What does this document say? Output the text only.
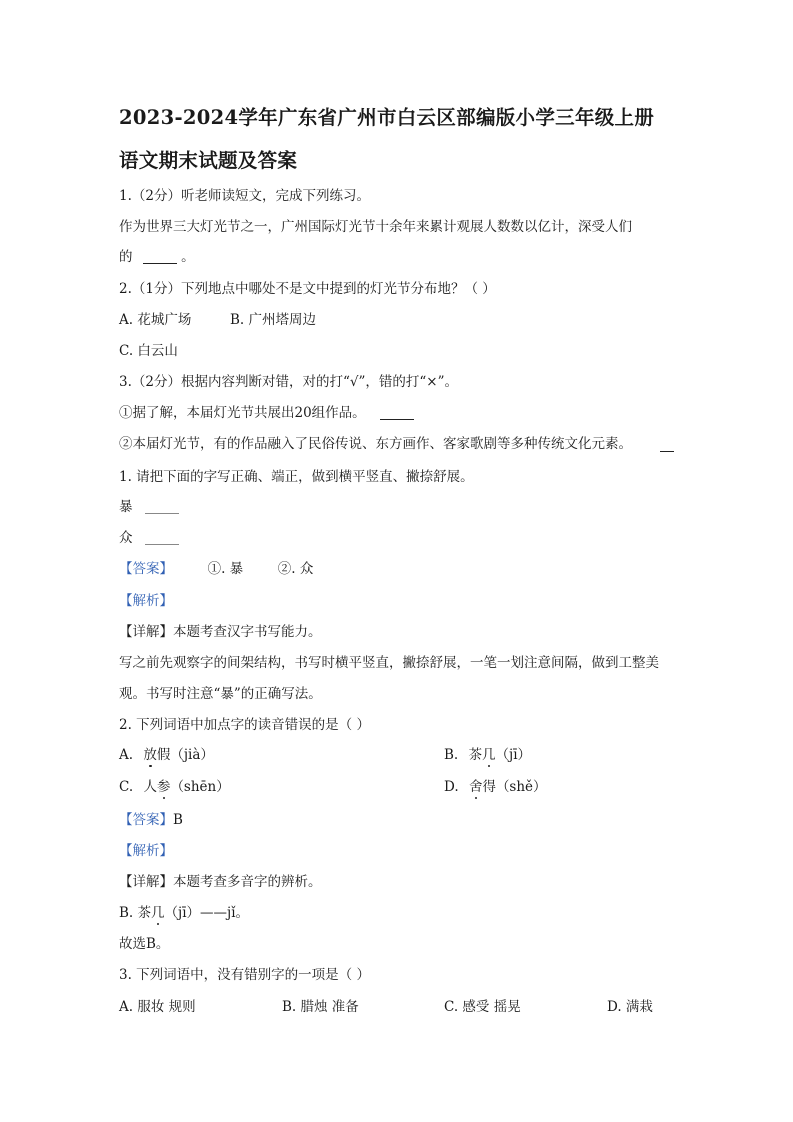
2023-2024学年广东省广州市白云区部编版小学三年级上册
语文期末试题及答案
1.（2分）听老师读短文，完成下列练习。
作为世界三大灯光节之一，广州国际灯光节十余年来累计观展人数数以亿计，深受人们
的	。
2.（1分）下列地点中哪处不是文中提到的灯光节分布地？（ ）
A. 花城广场	B. 广州塔周边
C. 白云山
3.（2分）根据内容判断对错，对的打“√”，错的打“×”。
①据了解，本届灯光节共展出20组作品。
②本届灯光节，有的作品融入了民俗传说、东方画作、客家歌剧等多种传统文化元素。
1. 请把下面的字写正确、端正，做到横平竖直、撇捺舒展。
暴
众
【答案】	①. 暴	②. 众
【解析】
【详解】本题考查汉字书写能力。
写之前先观察字的间架结构，书写时横平竖直，撇捺舒展，一笔一划注意间隔，做到工整美
观。书写时注意“暴”的正确写法。
2. 下列词语中加点字的读音错误的是（ ）
A. 放假（jià）	B. 茶几（jī）
C. 人参（shēn）	D. 舍得（shě）
【答案】B
【解析】
【详解】本题考查多音字的辨析。
B. 茶几（jī）——jǐ。
故选B。
3. 下列词语中，没有错别字的一项是（ ）
A. 服妆 规则	B. 腊烛 准备	C. 感受 摇晃	D. 满栽
